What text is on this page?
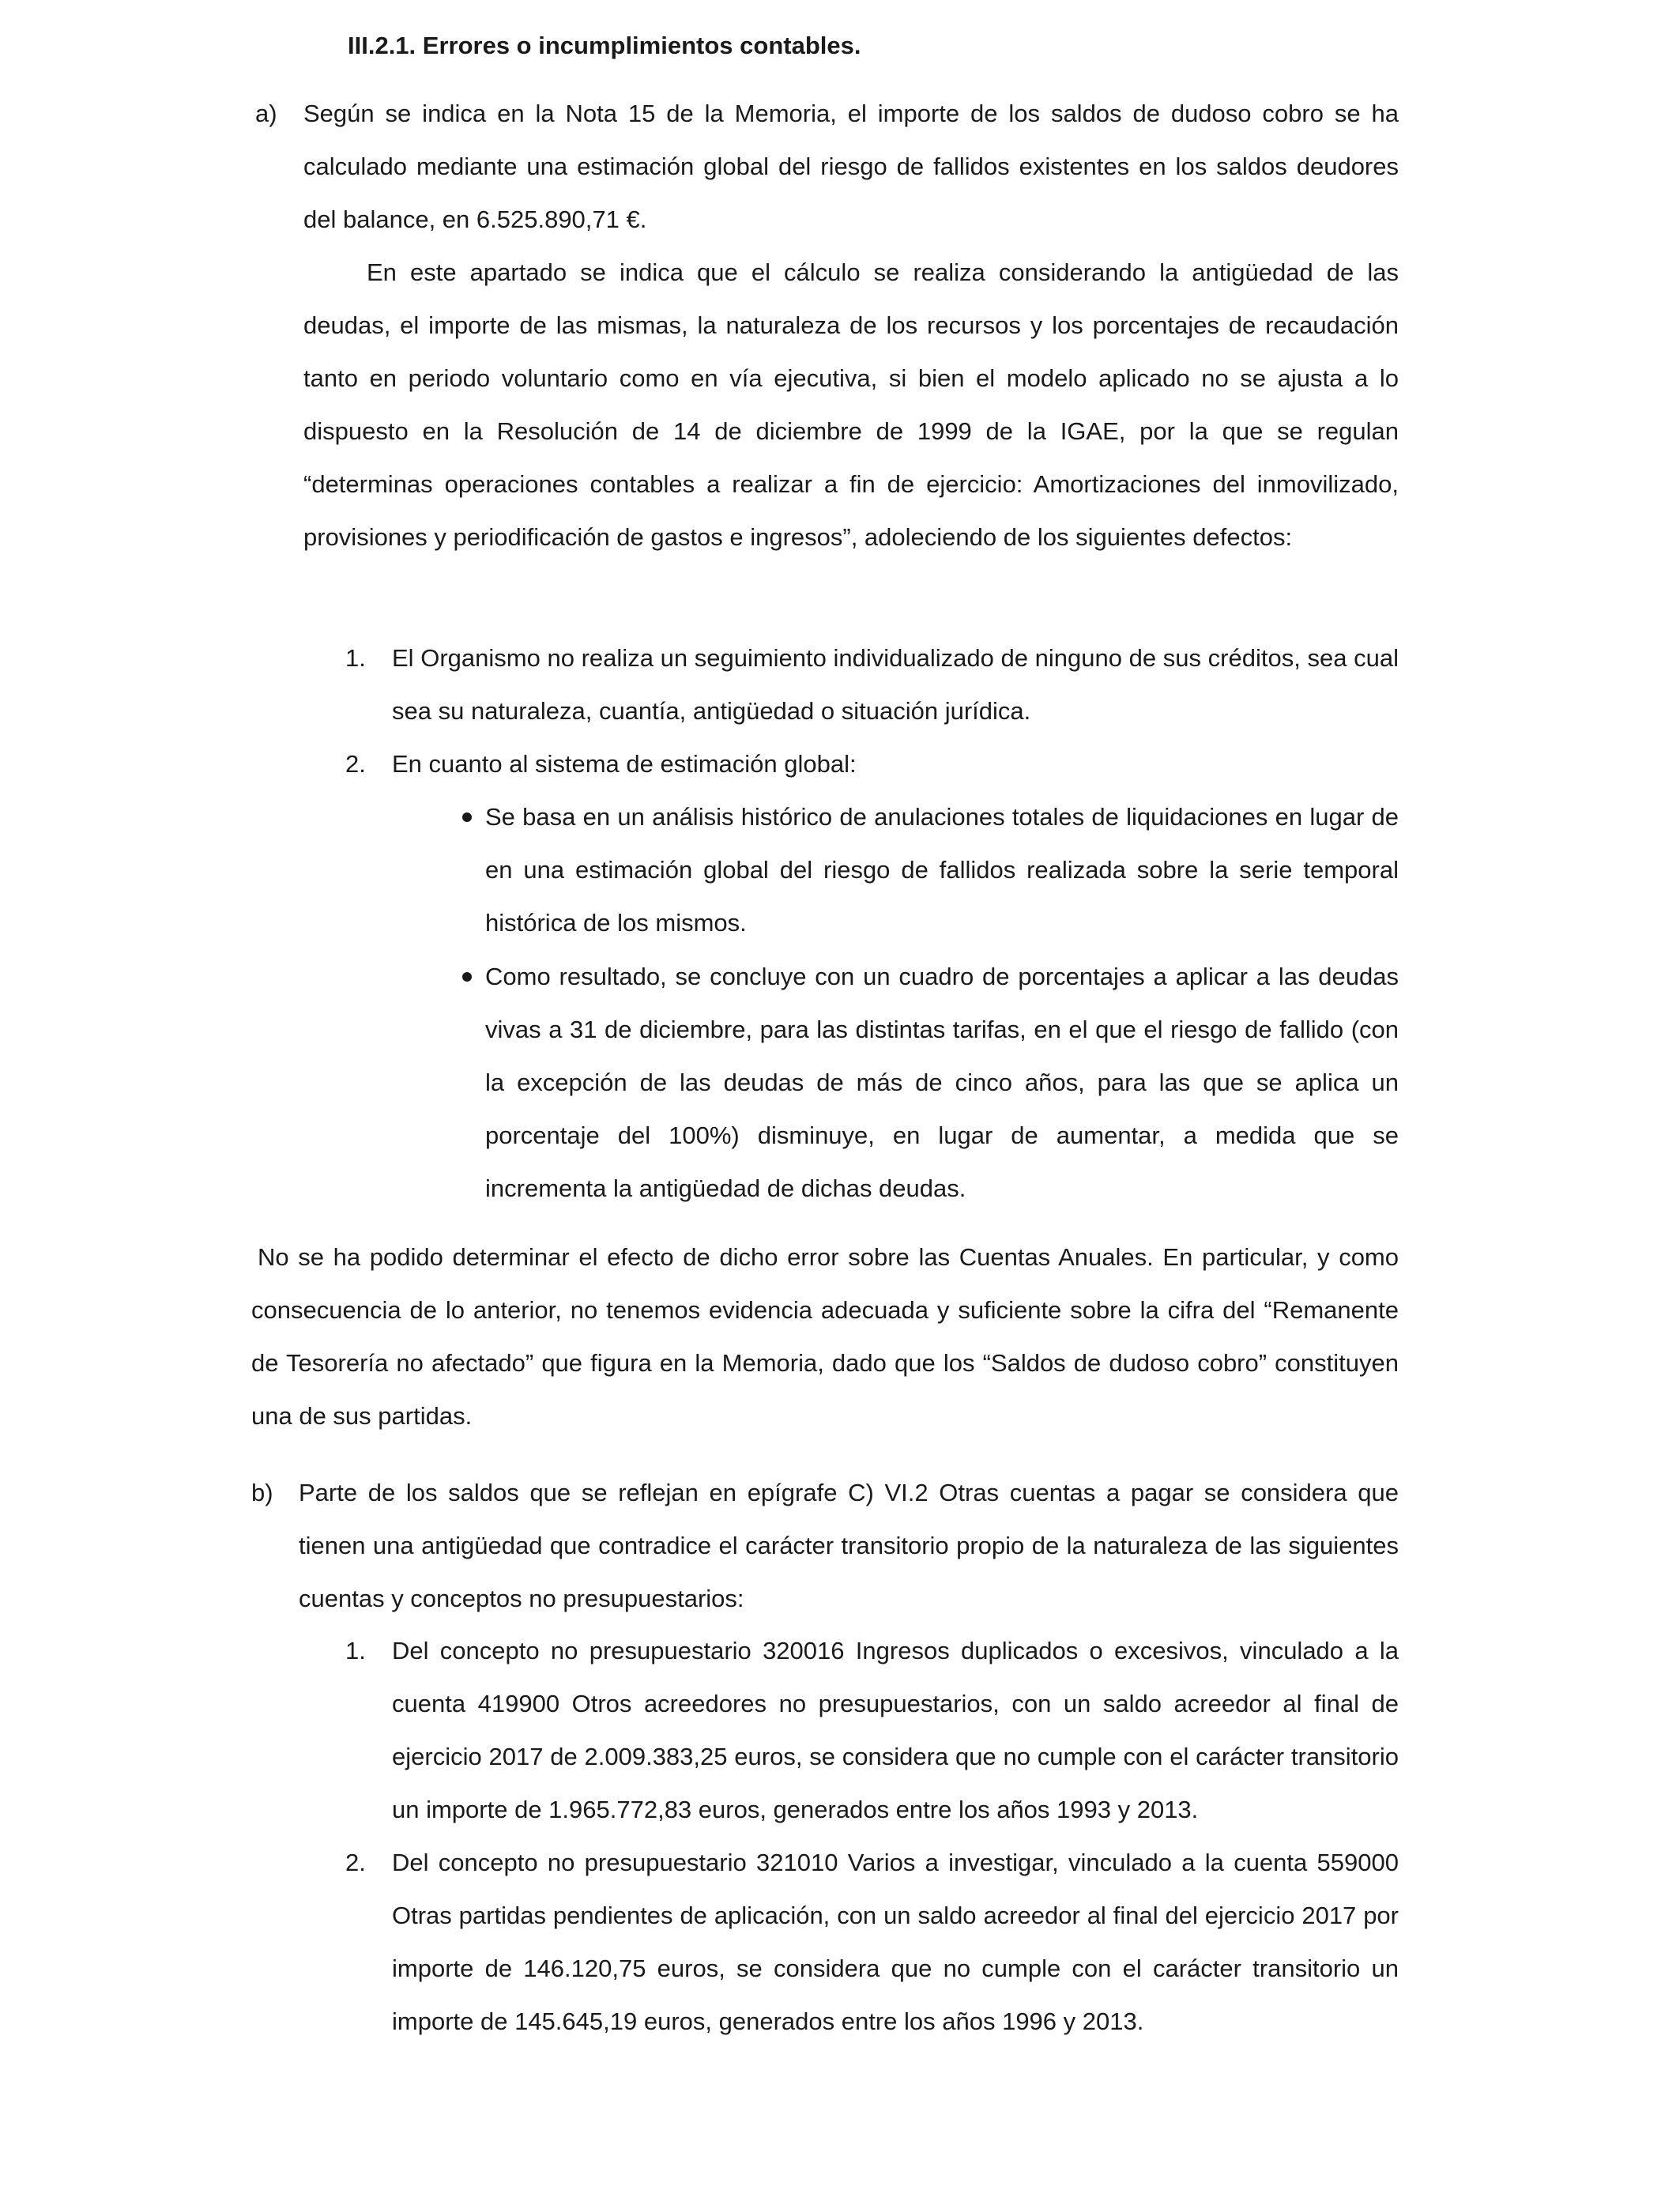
III.2.1. Errores o incumplimientos contables.
a) Según se indica en la Nota 15 de la Memoria, el importe de los saldos de dudoso cobro se ha calculado mediante una estimación global del riesgo de fallidos existentes en los saldos deudores del balance, en 6.525.890,71 €.

En este apartado se indica que el cálculo se realiza considerando la antigüedad de las deudas, el importe de las mismas, la naturaleza de los recursos y los porcentajes de recaudación tanto en periodo voluntario como en vía ejecutiva, si bien el modelo aplicado no se ajusta a lo dispuesto en la Resolución de 14 de diciembre de 1999 de la IGAE, por la que se regulan “determinas operaciones contables a realizar a fin de ejercicio: Amortizaciones del inmovilizado, provisiones y periodificación de gastos e ingresos”, adoleciendo de los siguientes defectos:

1. El Organismo no realiza un seguimiento individualizado de ninguno de sus créditos, sea cual sea su naturaleza, cuantía, antigüedad o situación jurídica.
2. En cuanto al sistema de estimación global:
Se basa en un análisis histórico de anulaciones totales de liquidaciones en lugar de en una estimación global del riesgo de fallidos realizada sobre la serie temporal histórica de los mismos.
Como resultado, se concluye con un cuadro de porcentajes a aplicar a las deudas vivas a 31 de diciembre, para las distintas tarifas, en el que el riesgo de fallido (con la excepción de las deudas de más de cinco años, para las que se aplica un porcentaje del 100%) disminuye, en lugar de aumentar, a medida que se incrementa la antigüedad de dichas deudas.
No se ha podido determinar el efecto de dicho error sobre las Cuentas Anuales. En particular, y como consecuencia de lo anterior, no tenemos evidencia adecuada y suficiente sobre la cifra del “Remanente de Tesorería no afectado” que figura en la Memoria, dado que los “Saldos de dudoso cobro” constituyen una de sus partidas.
b) Parte de los saldos que se reflejan en epígrafe C) VI.2 Otras cuentas a pagar se considera que tienen una antigüedad que contradice el carácter transitorio propio de la naturaleza de las siguientes cuentas y conceptos no presupuestarios:
1. Del concepto no presupuestario 320016 Ingresos duplicados o excesivos, vinculado a la cuenta 419900 Otros acreedores no presupuestarios, con un saldo acreedor al final de ejercicio 2017 de 2.009.383,25 euros, se considera que no cumple con el carácter transitorio un importe de 1.965.772,83 euros, generados entre los años 1993 y 2013.
2. Del concepto no presupuestario 321010 Varios a investigar, vinculado a la cuenta 559000 Otras partidas pendientes de aplicación, con un saldo acreedor al final del ejercicio 2017 por importe de 146.120,75 euros, se considera que no cumple con el carácter transitorio un importe de 145.645,19 euros, generados entre los años 1996 y 2013.
